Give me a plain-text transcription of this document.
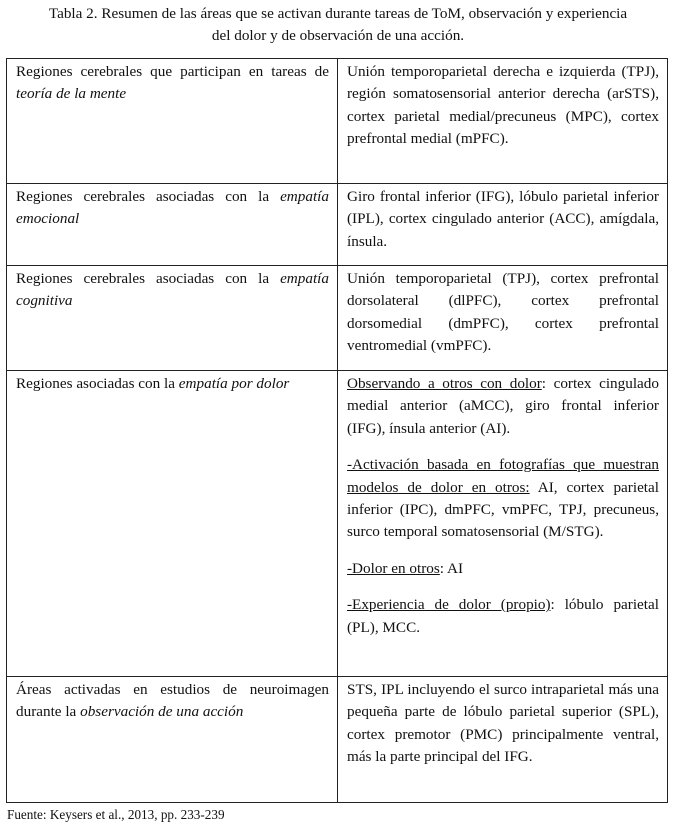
Tabla 2. Resumen de las áreas que se activan durante tareas de ToM, observación y experiencia
del dolor y de observación de una acción.
Regiones cerebrales que participan en tareas de teoría de la mente	Unión temporoparietal derecha e izquierda (TPJ), región somatosensorial anterior derecha (arSTS), cortex parietal medial/precuneus (MPC), cortex prefrontal medial (mPFC).
Regiones cerebrales asociadas con la empatía emocional	Giro frontal inferior (IFG), lóbulo parietal inferior (IPL), cortex cingulado anterior (ACC), amígdala, ínsula.
Regiones cerebrales asociadas con la empatía cognitiva	Unión temporoparietal (TPJ), cortex prefrontal dorsolateral (dlPFC), cortex prefrontal dorsomedial (dmPFC), cortex prefrontal ventromedial (vmPFC).
Regiones asociadas con la empatía por dolor	Observando a otros con dolor: cortex cingulado medial anterior (aMCC), giro frontal inferior (IFG), ínsula anterior (AI).
-Activación basada en fotografías que muestran modelos de dolor en otros: AI, cortex parietal inferior (IPC), dmPFC, vmPFC, TPJ, precuneus, surco temporal somatosensorial (M/STG).
-Dolor en otros: AI
-Experiencia de dolor (propio): lóbulo parietal (PL), MCC.

Áreas activadas en estudios de neuroimagen durante la observación de una acción	STS, IPL incluyendo el surco intraparietal más una pequeña parte de lóbulo parietal superior (SPL), cortex premotor (PMC) principalmente ventral, más la parte principal del IFG.
Fuente: Keysers et al., 2013, pp. 233-239
